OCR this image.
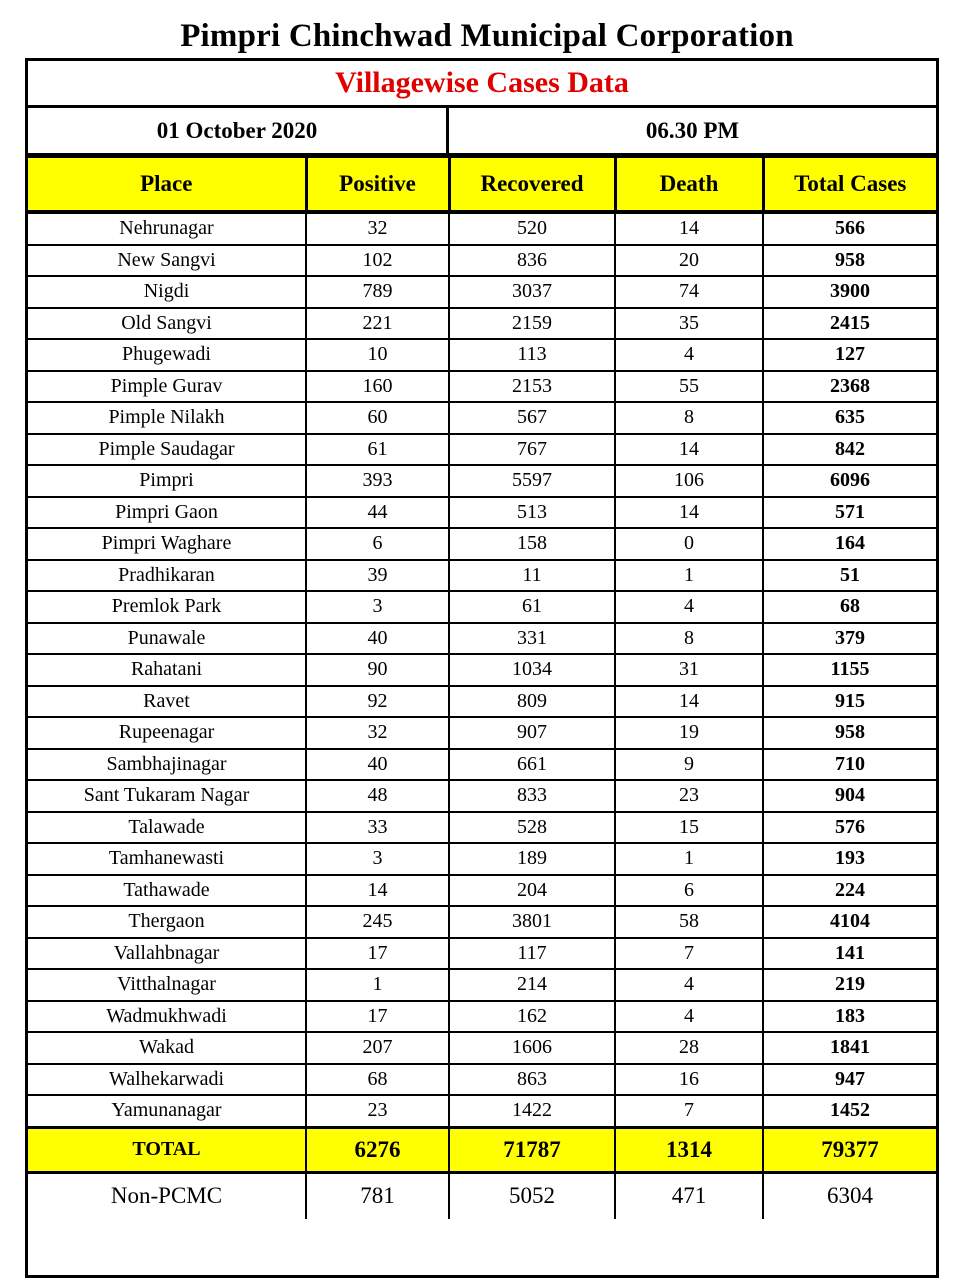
Pimpri Chinchwad Municipal Corporation
Villagewise Cases Data
01 October 2020	06.30 PM
Place	Positive	Recovered	Death	Total Cases
Nehrunagar	32	520	14	566
New Sangvi	102	836	20	958
Nigdi	789	3037	74	3900
Old Sangvi	221	2159	35	2415
Phugewadi	10	113	4	127
Pimple Gurav	160	2153	55	2368
Pimple Nilakh	60	567	8	635
Pimple Saudagar	61	767	14	842
Pimpri	393	5597	106	6096
Pimpri Gaon	44	513	14	571
Pimpri Waghare	6	158	0	164
Pradhikaran	39	11	1	51
Premlok Park	3	61	4	68
Punawale	40	331	8	379
Rahatani	90	1034	31	1155
Ravet	92	809	14	915
Rupeenagar	32	907	19	958
Sambhajinagar	40	661	9	710
Sant Tukaram Nagar	48	833	23	904
Talawade	33	528	15	576
Tamhanewasti	3	189	1	193
Tathawade	14	204	6	224
Thergaon	245	3801	58	4104
Vallahbnagar	17	117	7	141
Vitthalnagar	1	214	4	219
Wadmukhwadi	17	162	4	183
Wakad	207	1606	28	1841
Walhekarwadi	68	863	16	947
Yamunanagar	23	1422	7	1452
TOTAL	6276	71787	1314	79377
Non-PCMC	781	5052	471	6304
